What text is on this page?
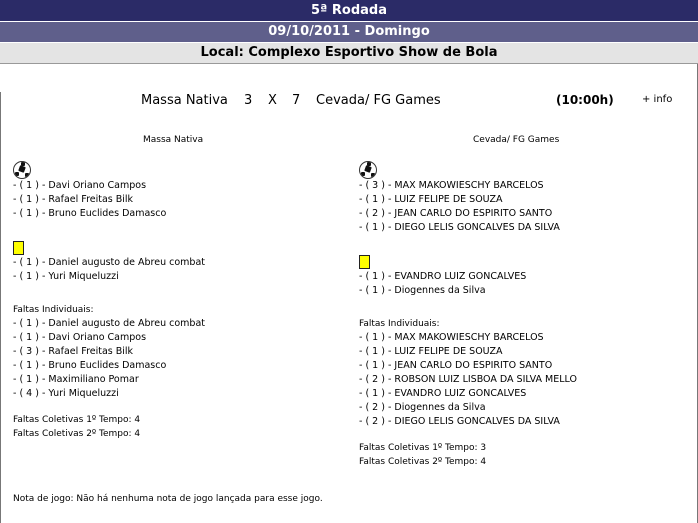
5ª Rodada
09/10/2011 - Domingo
Local: Complexo Esportivo Show de Bola
Massa Nativa 3 X 7 Cevada/ FG Games	(10:00h)	+ info
Massa Nativa	Cevada/ FG Games
- ( 1 ) - Davi Oriano Campos
- ( 1 ) - Rafael Freitas Bilk
- ( 1 ) - Bruno Euclides Damasco
- ( 1 ) - Daniel augusto de Abreu combat
- ( 1 ) - Yuri Miqueluzzi
Faltas Individuais:
- ( 1 ) - Daniel augusto de Abreu combat
- ( 1 ) - Davi Oriano Campos
- ( 3 ) - Rafael Freitas Bilk
- ( 1 ) - Bruno Euclides Damasco
- ( 1 ) - Maximiliano Pomar
- ( 4 ) - Yuri Miqueluzzi
Faltas Coletivas 1º Tempo: 4
Faltas Coletivas 2º Tempo: 4
- ( 3 ) - MAX MAKOWIESCHY BARCELOS
- ( 1 ) - LUIZ FELIPE DE SOUZA
- ( 2 ) - JEAN CARLO DO ESPIRITO SANTO
- ( 1 ) - DIEGO LELIS GONCALVES DA SILVA
- ( 1 ) - EVANDRO LUIZ GONCALVES
- ( 1 ) - Diogennes da Silva
Faltas Individuais:
- ( 1 ) - MAX MAKOWIESCHY BARCELOS
- ( 1 ) - LUIZ FELIPE DE SOUZA
- ( 1 ) - JEAN CARLO DO ESPIRITO SANTO
- ( 2 ) - ROBSON LUIZ LISBOA DA SILVA MELLO
- ( 1 ) - EVANDRO LUIZ GONCALVES
- ( 2 ) - Diogennes da Silva
- ( 2 ) - DIEGO LELIS GONCALVES DA SILVA
Faltas Coletivas 1º Tempo: 3
Faltas Coletivas 2º Tempo: 4
Nota de jogo: Não há nenhuma nota de jogo lançada para esse jogo.
